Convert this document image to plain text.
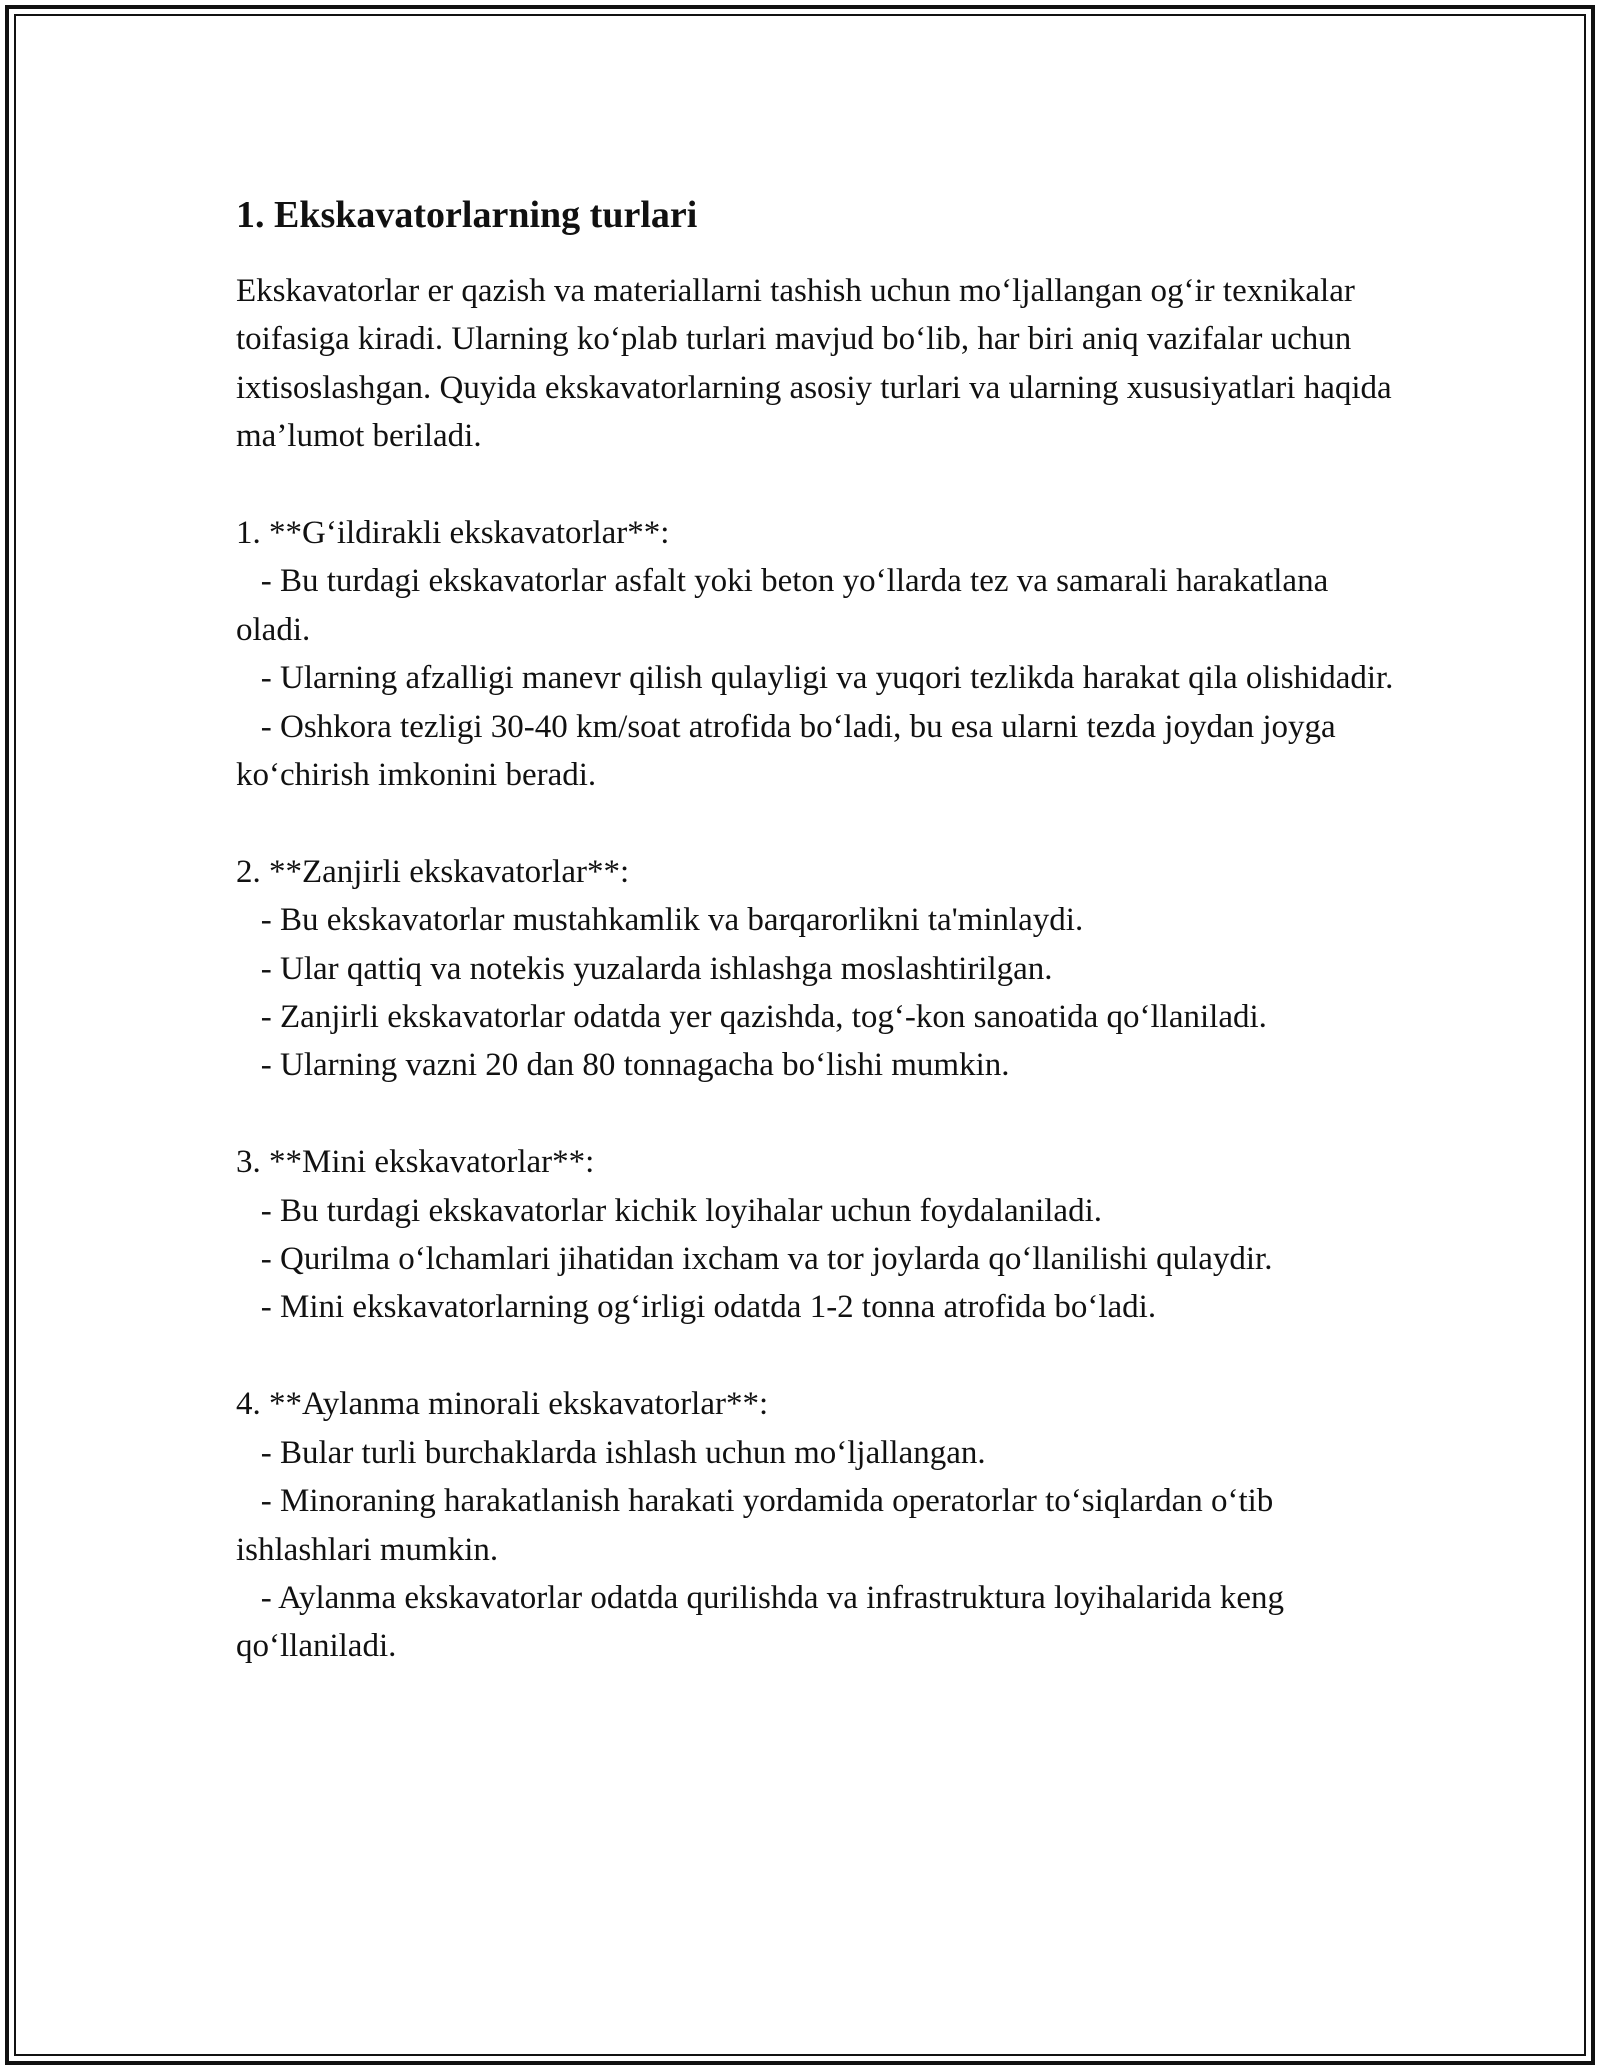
1. Ekskavatorlarning turlari

Ekskavatorlar er qazish va materiallarni tashish uchun mo‘ljallangan og‘ir texnikalar toifasiga kiradi. Ularning ko‘plab turlari mavjud bo‘lib, har biri aniq vazifalar uchun ixtisoslashgan. Quyida ekskavatorlarning asosiy turlari va ularning xususiyatlari haqida ma’lumot beriladi.

1. **G‘ildirakli ekskavatorlar**:
- Bu turdagi ekskavatorlar asfalt yoki beton yo‘llarda tez va samarali harakatlana oladi.
- Ularning afzalligi manevr qilish qulayligi va yuqori tezlikda harakat qila olishidadir.
- Oshkora tezligi 30-40 km/soat atrofida bo‘ladi, bu esa ularni tezda joydan joyga ko‘chirish imkonini beradi.
2. **Zanjirli ekskavatorlar**:
- Bu ekskavatorlar mustahkamlik va barqarorlikni ta'minlaydi.
- Ular qattiq va notekis yuzalarda ishlashga moslashtirilgan.
- Zanjirli ekskavatorlar odatda yer qazishda, tog‘-kon sanoatida qo‘llaniladi.
- Ularning vazni 20 dan 80 tonnagacha bo‘lishi mumkin.
3. **Mini ekskavatorlar**:
- Bu turdagi ekskavatorlar kichik loyihalar uchun foydalaniladi.
- Qurilma o‘lchamlari jihatidan ixcham va tor joylarda qo‘llanilishi qulaydir.
- Mini ekskavatorlarning og‘irligi odatda 1-2 tonna atrofida bo‘ladi.
4. **Aylanma minorali ekskavatorlar**:
- Bular turli burchaklarda ishlash uchun mo‘ljallangan.
- Minoraning harakatlanish harakati yordamida operatorlar to‘siqlardan o‘tib ishlashlari mumkin.
- Aylanma ekskavatorlar odatda qurilishda va infrastruktura loyihalarida keng qo‘llaniladi.
